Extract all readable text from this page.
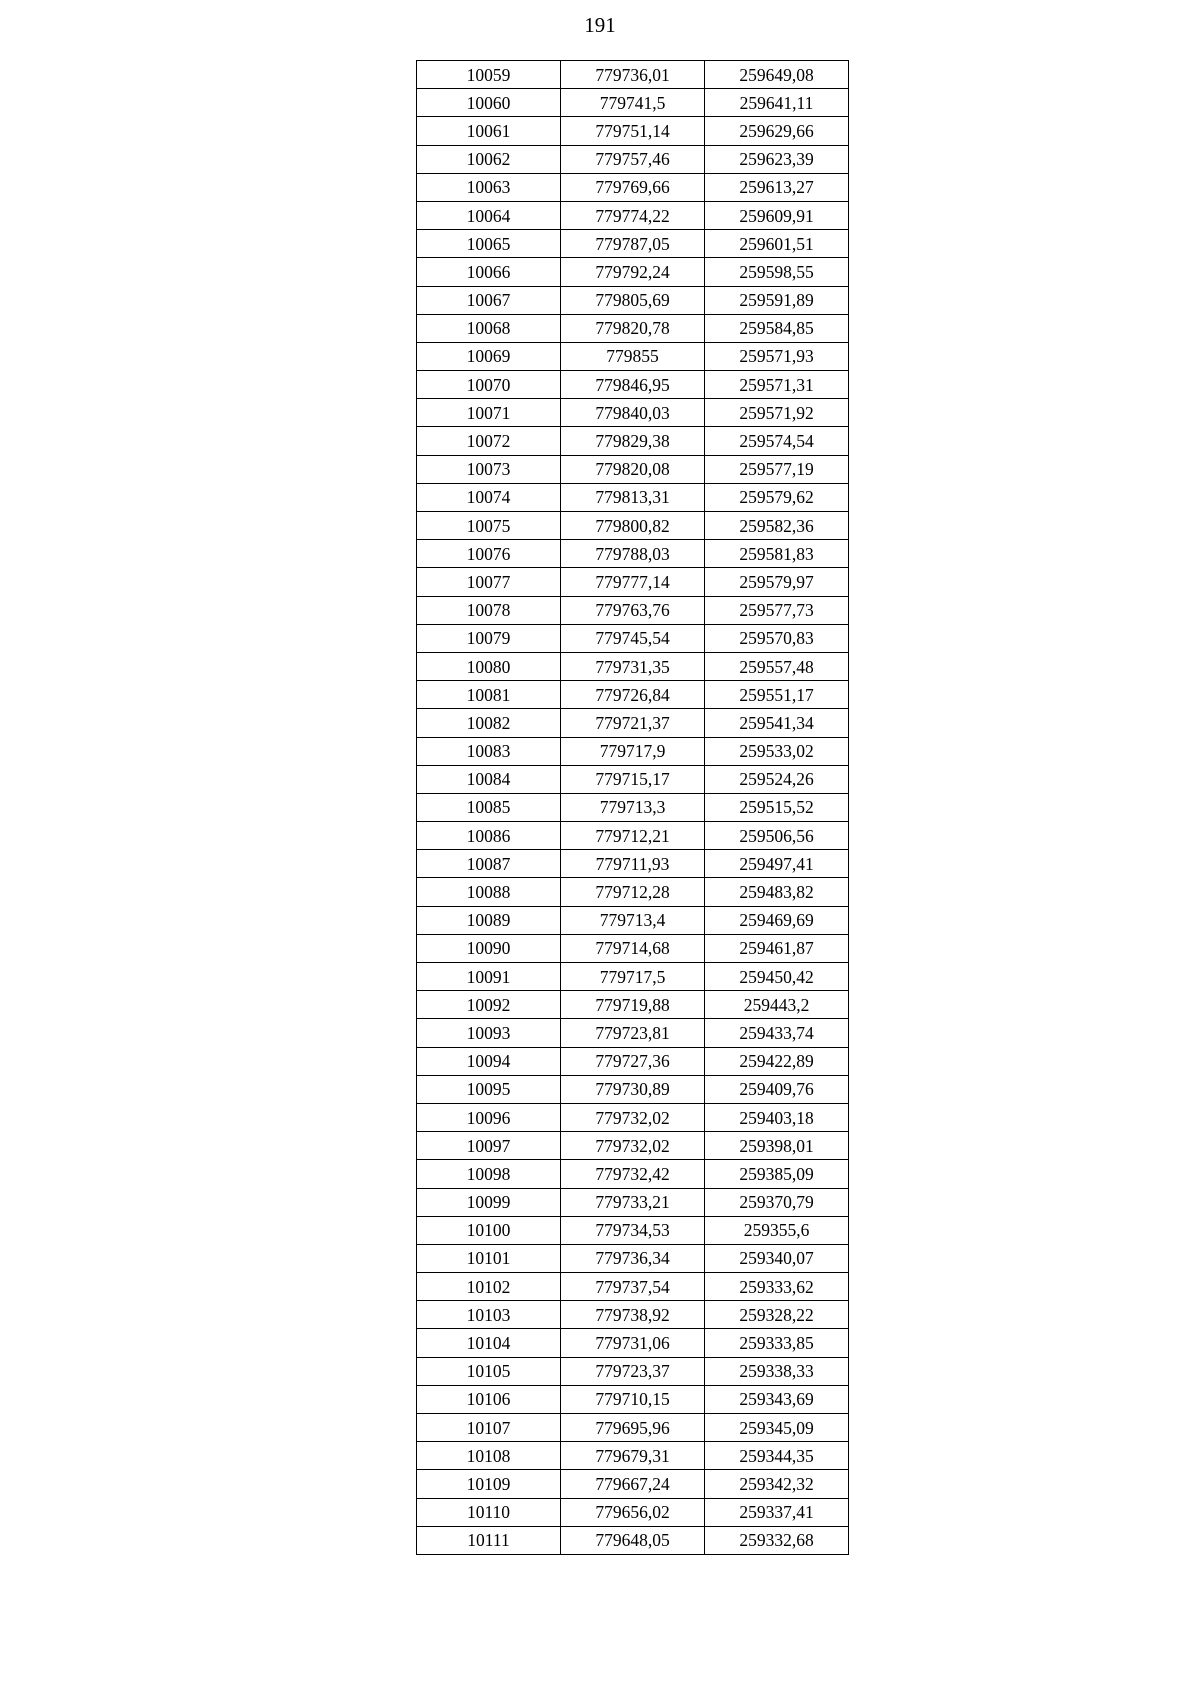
191
10059	779736,01	259649,08
10060	779741,5	259641,11
10061	779751,14	259629,66
10062	779757,46	259623,39
10063	779769,66	259613,27
10064	779774,22	259609,91
10065	779787,05	259601,51
10066	779792,24	259598,55
10067	779805,69	259591,89
10068	779820,78	259584,85
10069	779855	259571,93
10070	779846,95	259571,31
10071	779840,03	259571,92
10072	779829,38	259574,54
10073	779820,08	259577,19
10074	779813,31	259579,62
10075	779800,82	259582,36
10076	779788,03	259581,83
10077	779777,14	259579,97
10078	779763,76	259577,73
10079	779745,54	259570,83
10080	779731,35	259557,48
10081	779726,84	259551,17
10082	779721,37	259541,34
10083	779717,9	259533,02
10084	779715,17	259524,26
10085	779713,3	259515,52
10086	779712,21	259506,56
10087	779711,93	259497,41
10088	779712,28	259483,82
10089	779713,4	259469,69
10090	779714,68	259461,87
10091	779717,5	259450,42
10092	779719,88	259443,2
10093	779723,81	259433,74
10094	779727,36	259422,89
10095	779730,89	259409,76
10096	779732,02	259403,18
10097	779732,02	259398,01
10098	779732,42	259385,09
10099	779733,21	259370,79
10100	779734,53	259355,6
10101	779736,34	259340,07
10102	779737,54	259333,62
10103	779738,92	259328,22
10104	779731,06	259333,85
10105	779723,37	259338,33
10106	779710,15	259343,69
10107	779695,96	259345,09
10108	779679,31	259344,35
10109	779667,24	259342,32
10110	779656,02	259337,41
10111	779648,05	259332,68
